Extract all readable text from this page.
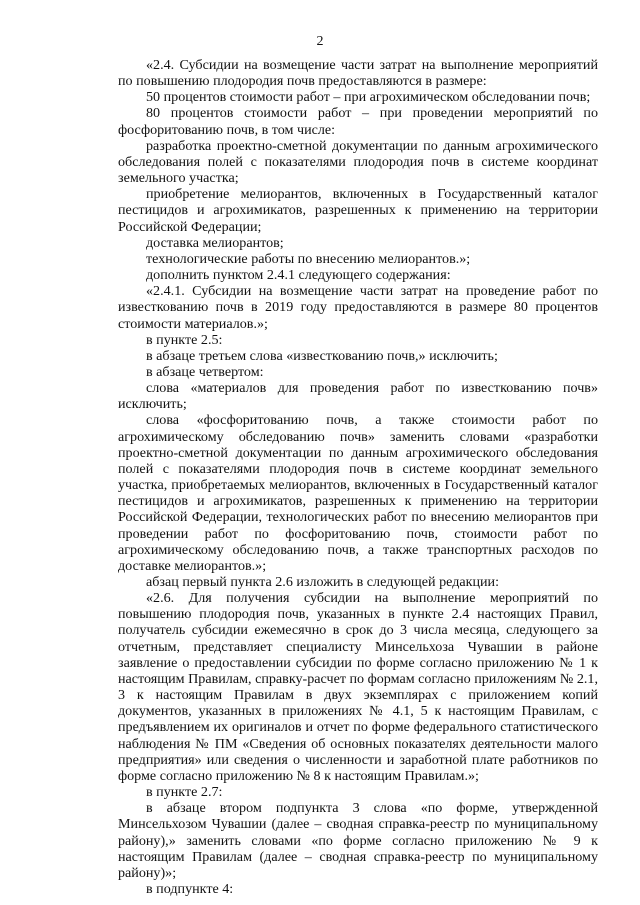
2

«2.4. Субсидии на возмещение части затрат на выполнение мероприятий по повышению плодородия почв предоставляются в размере:

50 процентов стоимости работ – при агрохимическом обследовании почв;

80 процентов стоимости работ – при проведении мероприятий по фосфоритованию почв, в том числе:

разработка проектно-сметной документации по данным агрохимического обследования полей с показателями плодородия почв в системе координат земельного участка;

приобретение мелиорантов, включенных в Государственный каталог пестицидов и агрохимикатов, разрешенных к применению на территории Российской Федерации;

доставка мелиорантов;

технологические работы по внесению мелиорантов.»;

дополнить пунктом 2.4.1 следующего содержания:

«2.4.1. Субсидии на возмещение части затрат на проведение работ по известкованию почв в 2019 году предоставляются в размере 80 процентов стоимости материалов.»;

в пункте 2.5:

в абзаце третьем слова «известкованию почв,» исключить;

в абзаце четвертом:

слова «материалов для проведения работ по известкованию почв» исключить;

слова «фосфоритованию почв, а также стоимости работ по агрохимическому обследованию почв» заменить словами «разработки проектно-сметной документации по данным агрохимического обследования полей с показателями плодородия почв в системе координат земельного участка, приобретаемых мелиорантов, включенных в Государственный каталог пестицидов и агрохимикатов, разрешенных к применению на территории Российской Федерации, технологических работ по внесению мелиорантов при проведении работ по фосфоритованию почв, стоимости работ по агрохимическому обследованию почв, а также транспортных расходов по доставке мелиорантов.»;

абзац первый пункта 2.6 изложить в следующей редакции:

«2.6. Для получения субсидии на выполнение мероприятий по повышению плодородия почв, указанных в пункте 2.4 настоящих Правил, получатель субсидии ежемесячно в срок до 3 числа месяца, следующего за отчетным, представляет специалисту Минсельхоза Чувашии в районе заявление о предоставлении субсидии по форме согласно приложению № 1 к настоящим Правилам, справку-расчет по формам согласно приложениям № 2.1, 3 к настоящим Правилам в двух экземплярах с приложением копий документов, указанных в приложениях № 4.1, 5 к настоящим Правилам, с предъявлением их оригиналов и отчет по форме федерального статистического наблюдения № ПМ «Сведения об основных показателях деятельности малого предприятия» или сведения о численности и заработной плате работников по форме согласно приложению № 8 к настоящим Правилам.»;

в пункте 2.7:

в абзаце втором подпункта 3 слова «по форме, утвержденной Минсельхозом Чувашии (далее – сводная справка-реестр по муниципальному району),» заменить словами «по форме согласно приложению № 9 к настоящим Правилам (далее – сводная справка-реестр по муниципальному району)»;

в подпункте 4:
